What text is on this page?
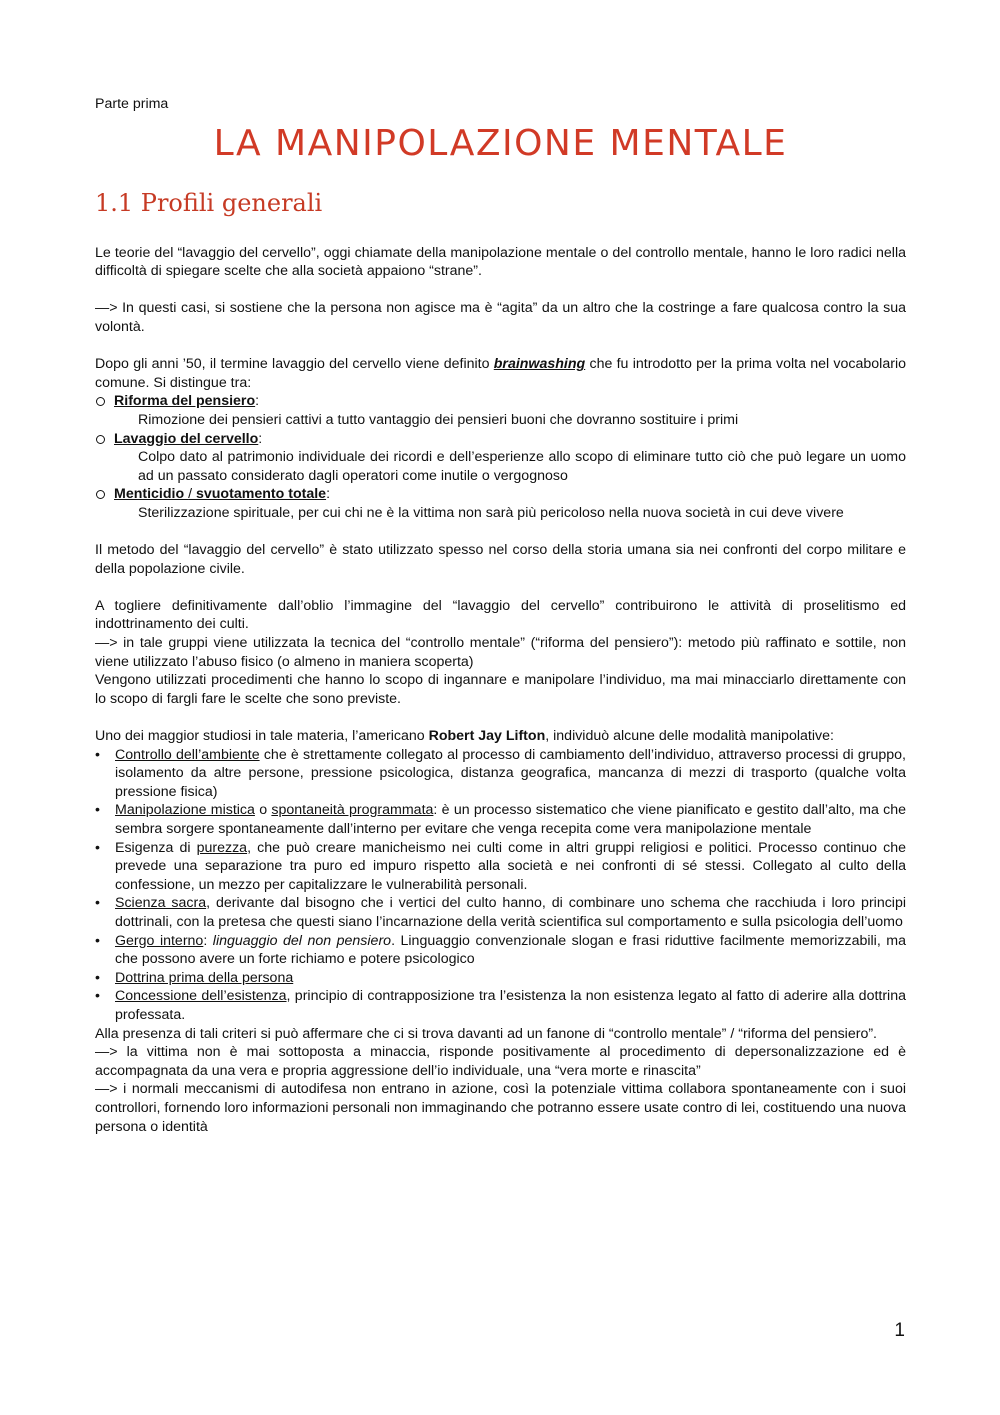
Parte prima
LA MANIPOLAZIONE MENTALE
1.1 Profili generali

Le teorie del “lavaggio del cervello”, oggi chiamate della manipolazione mentale o del controllo mentale, hanno le loro radici nella difficoltà di spiegare scelte che alla società appaiono “strane”.

—> In questi casi, si sostiene che la persona non agisce ma è “agita” da un altro che la costringe a fare qualcosa contro la sua volontà.

Dopo gli anni ’50, il termine lavaggio del cervello viene definito brainwashing che fu introdotto per la prima volta nel vocabolario comune. Si distingue tra:

Riforma del pensiero:
Rimozione dei pensieri cattivi a tutto vantaggio dei pensieri buoni che dovranno sostituire i primi
Lavaggio del cervello:
Colpo dato al patrimonio individuale dei ricordi e dell’esperienze allo scopo di eliminare tutto ciò che può legare un uomo ad un passato considerato dagli operatori come inutile o vergognoso
Menticidio / svuotamento totale:
Sterilizzazione spirituale, per cui chi ne è la vittima non sarà più pericoloso nella nuova società in cui deve vivere

Il metodo del “lavaggio del cervello” è stato utilizzato spesso nel corso della storia umana sia nei confronti del corpo militare e della popolazione civile.

A togliere definitivamente dall’oblio l’immagine del “lavaggio del cervello” contribuirono le attività di proselitismo ed indottrinamento dei culti.

—> in tale gruppi viene utilizzata la tecnica del “controllo mentale” (“riforma del pensiero”): metodo più raffinato e sottile, non viene utilizzato l’abuso fisico (o almeno in maniera scoperta)

Vengono utilizzati procedimenti che hanno lo scopo di ingannare e manipolare l’individuo, ma mai minacciarlo direttamente con lo scopo di fargli fare le scelte che sono previste.

Uno dei maggior studiosi in tale materia, l’americano Robert Jay Lifton, individuò alcune delle modalità manipolative:

• Controllo dell’ambiente che è strettamente collegato al processo di cambiamento dell’individuo, attraverso processi di gruppo, isolamento da altre persone, pressione psicologica, distanza geografica, mancanza di mezzi di trasporto (qualche volta pressione fisica)
• Manipolazione mistica o spontaneità programmata: è un processo sistematico che viene pianificato e gestito dall’alto, ma che sembra sorgere spontaneamente dall’interno per evitare che venga recepita come vera manipolazione mentale
• Esigenza di purezza, che può creare manicheismo nei culti come in altri gruppi religiosi e politici. Processo continuo che prevede una separazione tra puro ed impuro rispetto alla società e nei confronti di sé stessi. Collegato al culto della confessione, un mezzo per capitalizzare le vulnerabilità personali.
• Scienza sacra, derivante dal bisogno che i vertici del culto hanno, di combinare uno schema che racchiuda i loro principi dottrinali, con la pretesa che questi siano l’incarnazione della verità scientifica sul comportamento e sulla psicologia dell’uomo
• Gergo interno: linguaggio del non pensiero. Linguaggio convenzionale slogan e frasi riduttive facilmente memorizzabili, ma che possono avere un forte richiamo e potere psicologico
• Dottrina prima della persona
• Concessione dell’esistenza, principio di contrapposizione tra l’esistenza la non esistenza legato al fatto di aderire alla dottrina professata.

Alla presenza di tali criteri si può affermare che ci si trova davanti ad un fanone di “controllo mentale” / “riforma del pensiero”.

—> la vittima non è mai sottoposta a minaccia, risponde positivamente al procedimento di depersonalizzazione ed è accompagnata da una vera e propria aggressione dell’io individuale, una “vera morte e rinascita”

—> i normali meccanismi di autodifesa non entrano in azione, così la potenziale vittima collabora spontaneamente con i suoi controllori, fornendo loro informazioni personali non immaginando che potranno essere usate contro di lei, costituendo una nuova persona o identità

1
